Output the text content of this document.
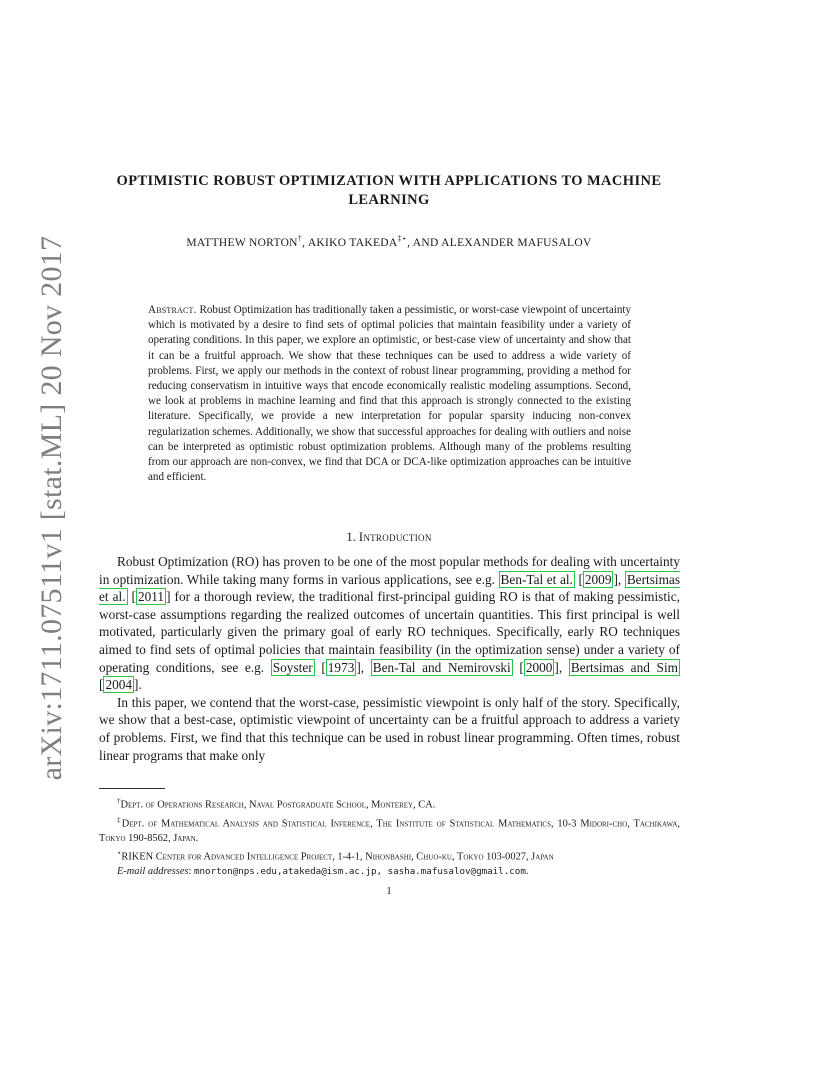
arXiv:1711.07511v1 [stat.ML] 20 Nov 2017
OPTIMISTIC ROBUST OPTIMIZATION WITH APPLICATIONS TO MACHINE LEARNING
MATTHEW NORTON†, AKIKO TAKEDA‡⋆, AND ALEXANDER MAFUSALOV
Abstract. Robust Optimization has traditionally taken a pessimistic, or worst-case viewpoint of uncertainty which is motivated by a desire to find sets of optimal policies that maintain feasibility under a variety of operating conditions. In this paper, we explore an optimistic, or best-case view of uncertainty and show that it can be a fruitful approach. We show that these techniques can be used to address a wide variety of problems. First, we apply our methods in the context of robust linear programming, providing a method for reducing conservatism in intuitive ways that encode economically realistic modeling assumptions. Second, we look at problems in machine learning and find that this approach is strongly connected to the existing literature. Specifically, we provide a new interpretation for popular sparsity inducing non-convex regularization schemes. Additionally, we show that successful approaches for dealing with outliers and noise can be interpreted as optimistic robust optimization problems. Although many of the problems resulting from our approach are non-convex, we find that DCA or DCA-like optimization approaches can be intuitive and efficient.
1. Introduction

Robust Optimization (RO) has proven to be one of the most popular methods for dealing with uncertainty in optimization. While taking many forms in various applications, see e.g. Ben-Tal et al. [ 2009 ], Bertsimas et al. [ 2011 ] for a thorough review, the traditional first-principal guiding RO is that of making pessimistic, worst-case assumptions regarding the realized outcomes of uncertain quantities. This first principal is well motivated, particularly given the primary goal of early RO techniques. Specifically, early RO techniques aimed to find sets of optimal policies that maintain feasibility (in the optimization sense) under a variety of operating conditions, see e.g. Soyster [ 1973 ], Ben-Tal and Nemirovski [ 2000 ], Bertsimas and Sim [ 2004 ].

In this paper, we contend that the worst-case, pessimistic viewpoint is only half of the story. Specifically, we show that a best-case, optimistic viewpoint of uncertainty can be a fruitful approach to address a variety of problems. First, we find that this technique can be used in robust linear programming. Often times, robust linear programs that make only

†Dept. of Operations Research, Naval Postgraduate School, Monterey, CA.

‡Dept. of Mathematical Analysis and Statistical Inference, The Institute of Statistical Mathematics, 10-3 Midori-cho, Tachikawa, Tokyo 190-8562, Japan.

⋆RIKEN Center for Advanced Intelligence Project, 1-4-1, Nihonbashi, Chuo-ku, Tokyo 103-0027, Japan

E-mail addresses: mnorton@nps.edu,atakeda@ism.ac.jp, sasha.mafusalov@gmail.com.

1
